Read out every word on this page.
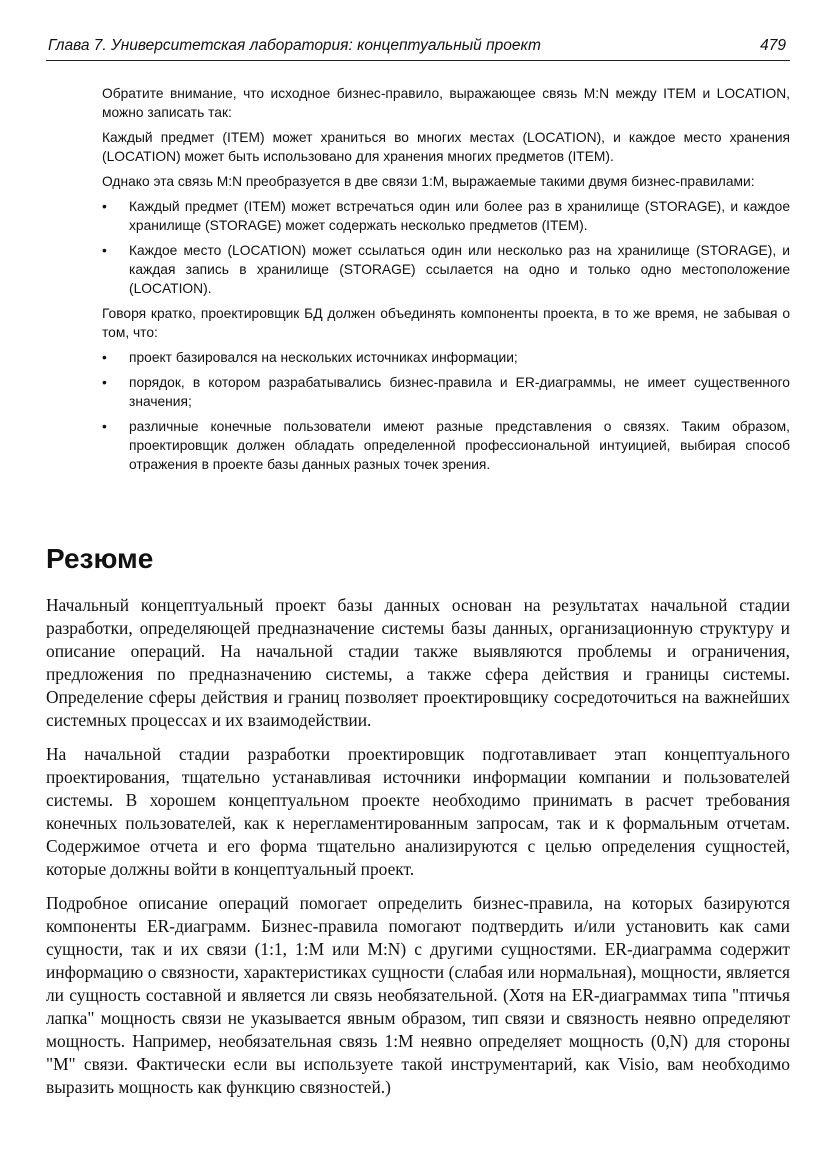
Глава 7. Университетская лаборатория: концептуальный проект	479

Обратите внимание, что исходное бизнес-правило, выражающее связь M:N между ITEM и LOCATION, можно записать так:

Каждый предмет (ITEM) может храниться во многих местах (LOCATION), и каждое место хранения (LOCATION) может быть использовано для хранения многих предметов (ITEM).

Однако эта связь M:N преобразуется в две связи 1:M, выражаемые такими двумя бизнес-правилами:

• Каждый предмет (ITEM) может встречаться один или более раз в хранилище (STORAGE), и каждое хранилище (STORAGE) может содержать несколько предметов (ITEM).
• Каждое место (LOCATION) может ссылаться один или несколько раз на хранилище (STORAGE), и каждая запись в хранилище (STORAGE) ссылается на одно и только одно местоположение (LOCATION).

Говоря кратко, проектировщик БД должен объединять компоненты проекта, в то же время, не забывая о том, что:

• проект базировался на нескольких источниках информации;
• порядок, в котором разрабатывались бизнес-правила и ER-диаграммы, не имеет существенного значения;
• различные конечные пользователи имеют разные представления о связях. Таким образом, проектировщик должен обладать определенной профессиональной интуицией, выбирая способ отражения в проекте базы данных разных точек зрения.
Резюме

Начальный концептуальный проект базы данных основан на результатах начальной стадии разработки, определяющей предназначение системы базы данных, организационную структуру и описание операций. На начальной стадии также выявляются проблемы и ограничения, предложения по предназначению системы, а также сфера действия и границы системы. Определение сферы действия и границ позволяет проектировщику сосредоточиться на важнейших системных процессах и их взаимодействии.

На начальной стадии разработки проектировщик подготавливает этап концептуального проектирования, тщательно устанавливая источники информации компании и пользователей системы. В хорошем концептуальном проекте необходимо принимать в расчет требования конечных пользователей, как к нерегламентированным запросам, так и к формальным отчетам. Содержимое отчета и его форма тщательно анализируются с целью определения сущностей, которые должны войти в концептуальный проект.

Подробное описание операций помогает определить бизнес-правила, на которых базируются компоненты ER-диаграмм. Бизнес-правила помогают подтвердить и/или установить как сами сущности, так и их связи (1:1, 1:M или M:N) с другими сущностями. ER-диаграмма содержит информацию о связности, характеристиках сущности (слабая или нормальная), мощности, является ли сущность составной и является ли связь необязательной. (Хотя на ER-диаграммах типа "птичья лапка" мощность связи не указывается явным образом, тип связи и связность неявно определяют мощность. Например, необязательная связь 1:M неявно определяет мощность (0,N) для стороны "M" связи. Фактически если вы используете такой инструментарий, как Visio, вам необходимо выразить мощность как функцию связностей.)
